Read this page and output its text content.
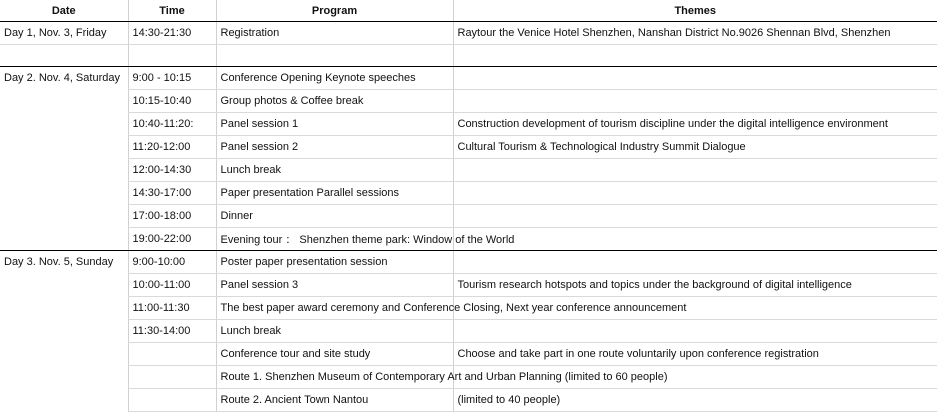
Date	Time	Program	Themes
Day 1, Nov. 3, Friday	14:30-21:30	Registration	Raytour the Venice Hotel Shenzhen, Nanshan District No.9026 Shennan Blvd, Shenzhen

Day 2. Nov. 4, Saturday	9:00 - 10:15	Conference Opening Keynote speeches	
	10:15-10:40	Group photos & Coffee break	
	10:40-11:20:	Panel session 1	Construction development of tourism discipline under the digital intelligence environment
	11:20-12:00	Panel session 2	Cultural Tourism & Technological Industry Summit Dialogue
	12:00-14:30	Lunch break	
	14:30-17:00	Paper presentation Parallel sessions	
	17:00-18:00	Dinner	
	19:00-22:00	Evening tour ： Shenzhen theme park: Window of the World	
Day 3. Nov. 5, Sunday	9:00-10:00	Poster paper presentation session	
	10:00-11:00	Panel session 3	Tourism research hotspots and topics under the background of digital intelligence
	11:00-11:30	The best paper award ceremony and Conference Closing, Next year conference announcement	
	11:30-14:00	Lunch break	
		Conference tour and site study	Choose and take part in one route voluntarily upon conference registration
		Route 1. Shenzhen Museum of Contemporary Art and Urban Planning (limited to 60 people)	
		Route 2. Ancient Town Nantou	(limited to 40 people)
